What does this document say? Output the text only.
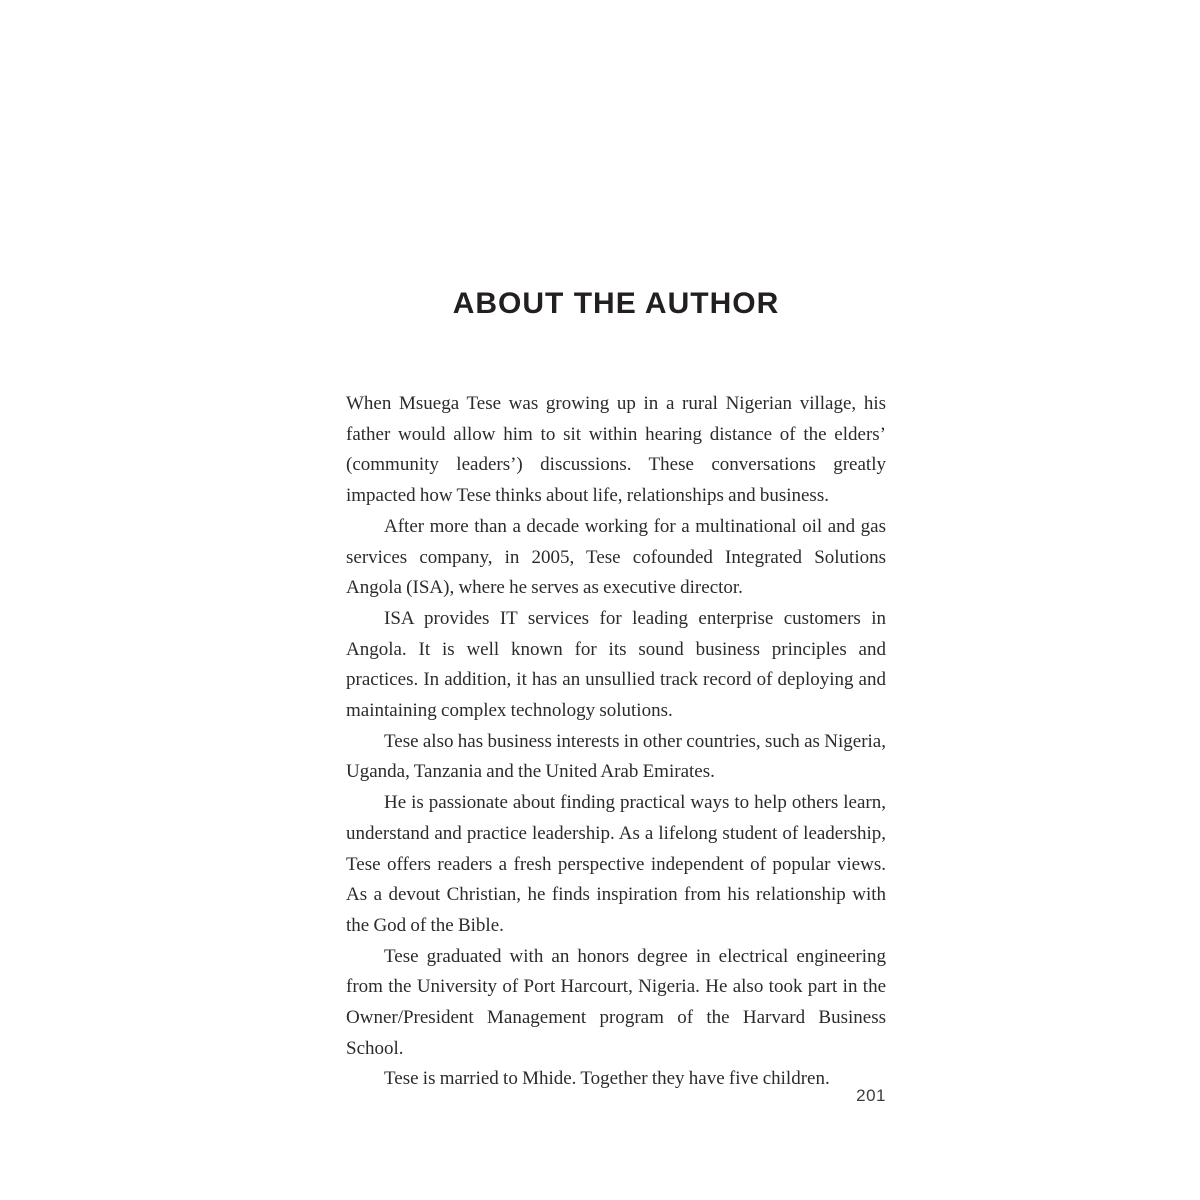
ABOUT THE AUTHOR

When Msuega Tese was growing up in a rural Nigerian village, his father would allow him to sit within hearing distance of the elders’ (community leaders’) discussions. These conversations greatly impacted how Tese thinks about life, relationships and business.

After more than a decade working for a multinational oil and gas services company, in 2005, Tese cofounded Integrated Solutions Angola (ISA), where he serves as executive director.

ISA provides IT services for leading enterprise customers in Angola. It is well known for its sound business principles and practices. In addition, it has an unsullied track record of deploying and maintaining complex technology solutions.

Tese also has business interests in other countries, such as Nigeria, Uganda, Tanzania and the United Arab Emirates.

He is passionate about finding practical ways to help others learn, understand and practice leadership. As a lifelong student of leadership, Tese offers readers a fresh perspective independent of popular views. As a devout Christian, he finds inspiration from his relationship with the God of the Bible.

Tese graduated with an honors degree in electrical engineering from the University of Port Harcourt, Nigeria. He also took part in the Owner/President Management program of the Harvard Business School.

Tese is married to Mhide. Together they have five children.

201
